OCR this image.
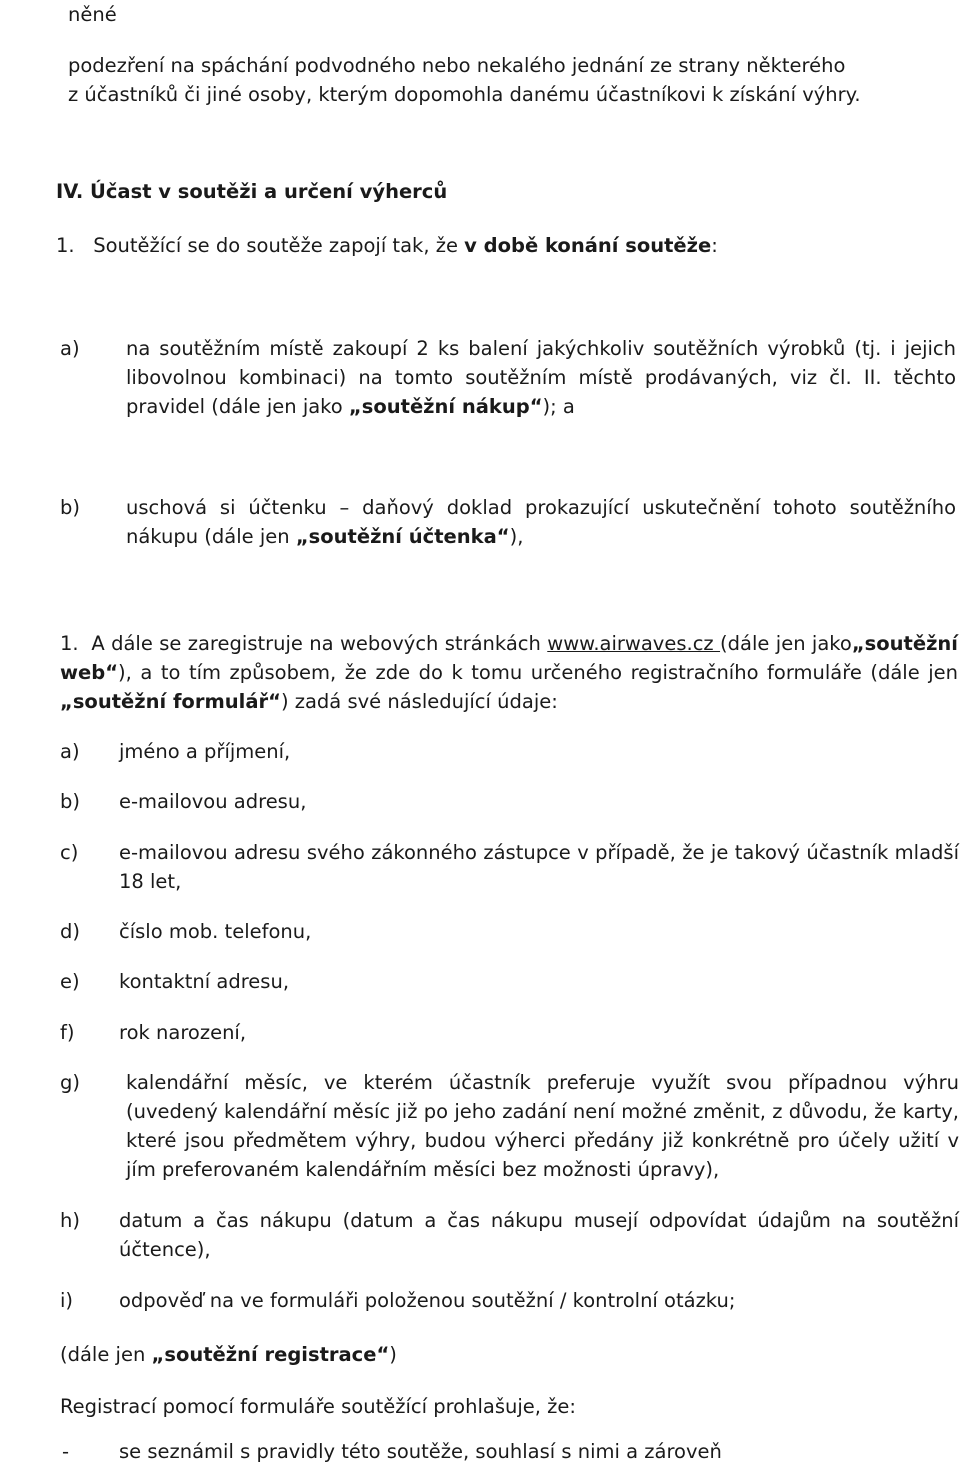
něné
podezření na spáchání podvodného nebo nekalého jednání ze strany některého
z účastníků či jiné osoby, kterým dopomohla danému účastníkovi k získání výhry.
IV. Účast v soutěži a určení výherců
1. Soutěžící se do soutěže zapojí tak, že v době konání soutěže:
a) na soutěžním místě zakoupí 2 ks balení jakýchkoliv soutěžních výrobků (tj. i jejich libovolnou kombinaci) na tomto soutěžním místě prodávaných, viz čl. II. těchto pravidel (dále jen jako „soutěžní nákup“); a
b) uschová si účtenku – daňový doklad prokazující uskutečnění tohoto soutěžního nákupu (dále jen „soutěžní účtenka“),
1. A dále se zaregistruje na webových stránkách www.airwaves.cz (dále jen jako„soutěžní web“), a to tím způsobem, že zde do k tomu určeného registračního formuláře (dále jen „soutěžní formulář“) zadá své následující údaje:
a) jméno a příjmení,
b) e-mailovou adresu,
c) e-mailovou adresu svého zákonného zástupce v případě, že je takový účastník mladší 18 let,
d) číslo mob. telefonu,
e) kontaktní adresu,
f) rok narození,
g) kalendářní měsíc, ve kterém účastník preferuje využít svou případnou výhru (uvedený kalendářní měsíc již po jeho zadání není možné změnit, z důvodu, že karty, které jsou předmětem výhry, budou výherci předány již konkrétně pro účely užití v jím preferovaném kalendářním měsíci bez možnosti úpravy),
h) datum a čas nákupu (datum a čas nákupu musejí odpovídat údajům na soutěžní účtence),
i) odpověď na ve formuláři položenou soutěžní / kontrolní otázku;
(dále jen „soutěžní registrace“)
Registrací pomocí formuláře soutěžící prohlašuje, že:
-	se seznámil s pravidly této soutěže, souhlasí s nimi a zároveň
